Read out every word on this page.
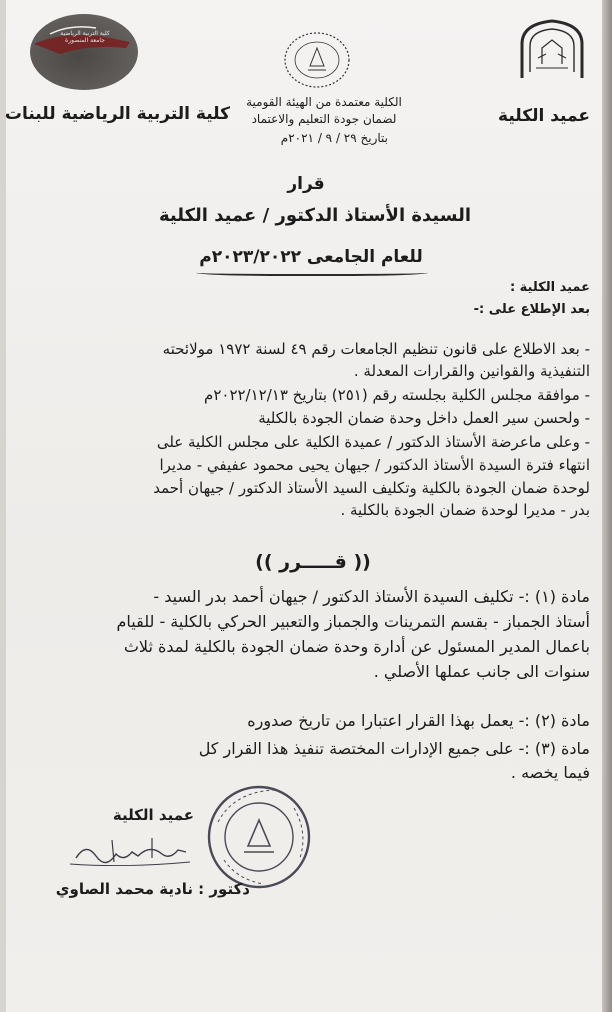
كلية التربية الرياضية جامعة المنصورة
كلية التربية الرياضية للبنات	عميد الكلية
الكلية معتمدة من الهيئة القومية
لضمان جودة التعليم والاعتماد
بتاريخ ٢٩ / ٩ / ٢٠٢١م
قرار
السيدة الأستاذ الدكتور / عميد الكلية
للعام الجامعى ٢٠٢٣/٢٠٢٢م
عميد الكلية :
بعد الإطلاع على :-
- بعد الاطلاع على قانون تنظيم الجامعات رقم ٤٩ لسنة ١٩٧٢ مولائحته
التنفيذية والقوانين والقرارات المعدلة .
- موافقة مجلس الكلية بجلسته رقم (٢٥١) بتاريخ ٢٠٢٢/١٢/١٣م
- ولحسن سير العمل داخل وحدة ضمان الجودة بالكلية
- وعلى ماعرضة الأستاذ الدكتور / عميدة الكلية على مجلس الكلية على
انتهاء فترة السيدة الأستاذ الدكتور / جيهان يحيى محمود عفيفي - مديرا
لوحدة ضمان الجودة بالكلية وتكليف السيد الأستاذ الدكتور / جيهان أحمد
بدر - مديرا لوحدة ضمان الجودة بالكلية .
(( قـــــرر ))
مادة (١) :- تكليف السيدة الأستاذ الدكتور / جيهان أحمد بدر السيد -
أستاذ الجمباز - بقسم التمرينات والجمباز والتعبير الحركي بالكلية - للقيام
باعمال المدير المسئول عن أدارة وحدة ضمان الجودة بالكلية لمدة ثلاث
سنوات الى جانب عملها الأصلي .
مادة (٢) :- يعمل بهذا القرار اعتبارا من تاريخ صدوره
مادة (٣) :- على جميع الإدارات المختصة تنفيذ هذا القرار كل
فيما يخصه .
عميد الكلية
دكتور : نادية محمد الصاوي
